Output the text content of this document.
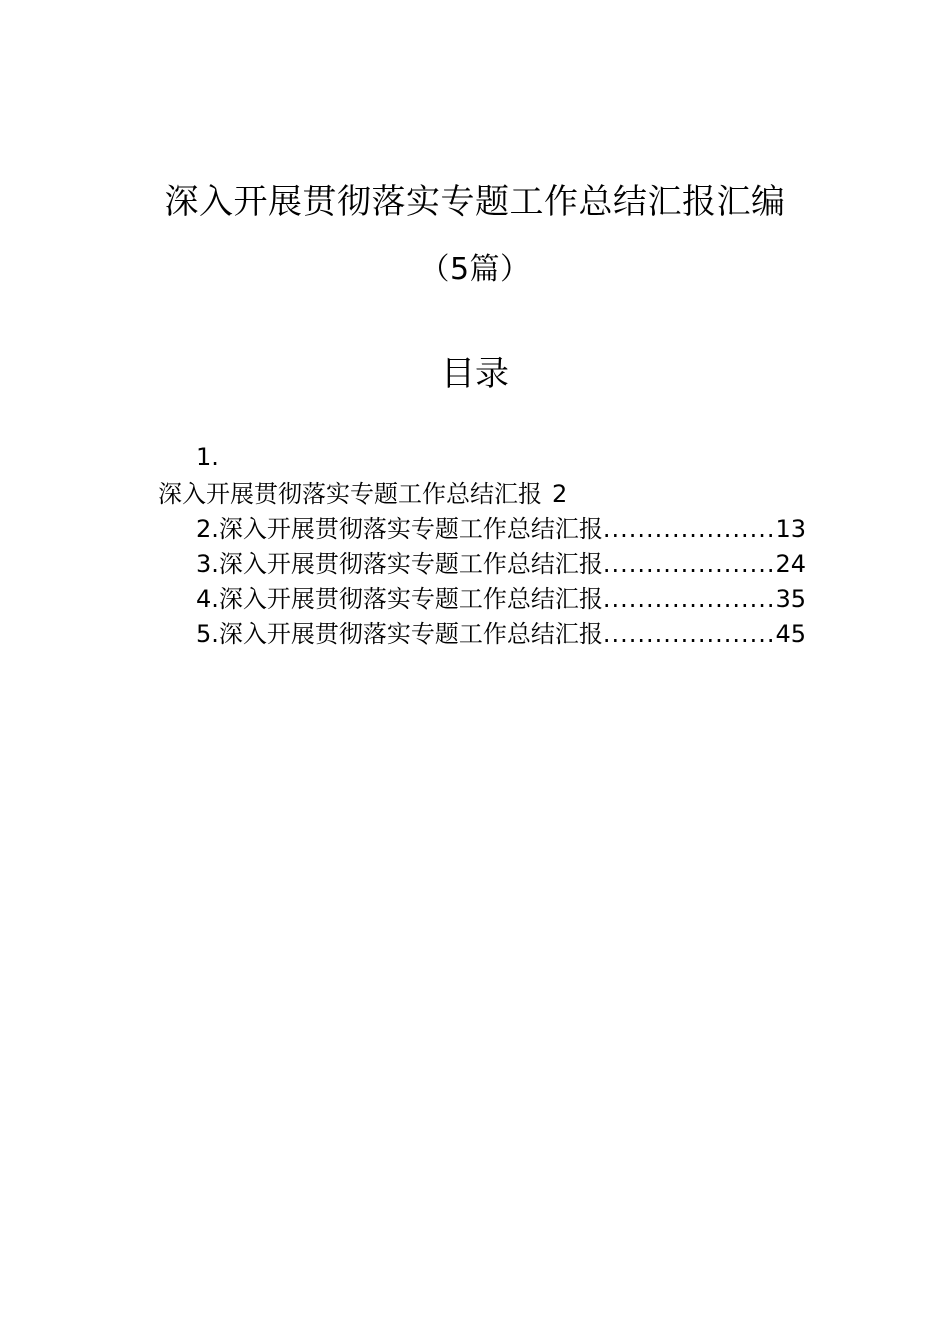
深入开展贯彻落实专题工作总结汇报汇编
（5篇）
目录
1.
深入开展贯彻落实专题工作总结汇报 2
2.深入开展贯彻落实专题工作总结汇报 .....	13
3.深入开展贯彻落实专题工作总结汇报 .....	24
4.深入开展贯彻落实专题工作总结汇报 .....	35
5.深入开展贯彻落实专题工作总结汇报 .....	45
